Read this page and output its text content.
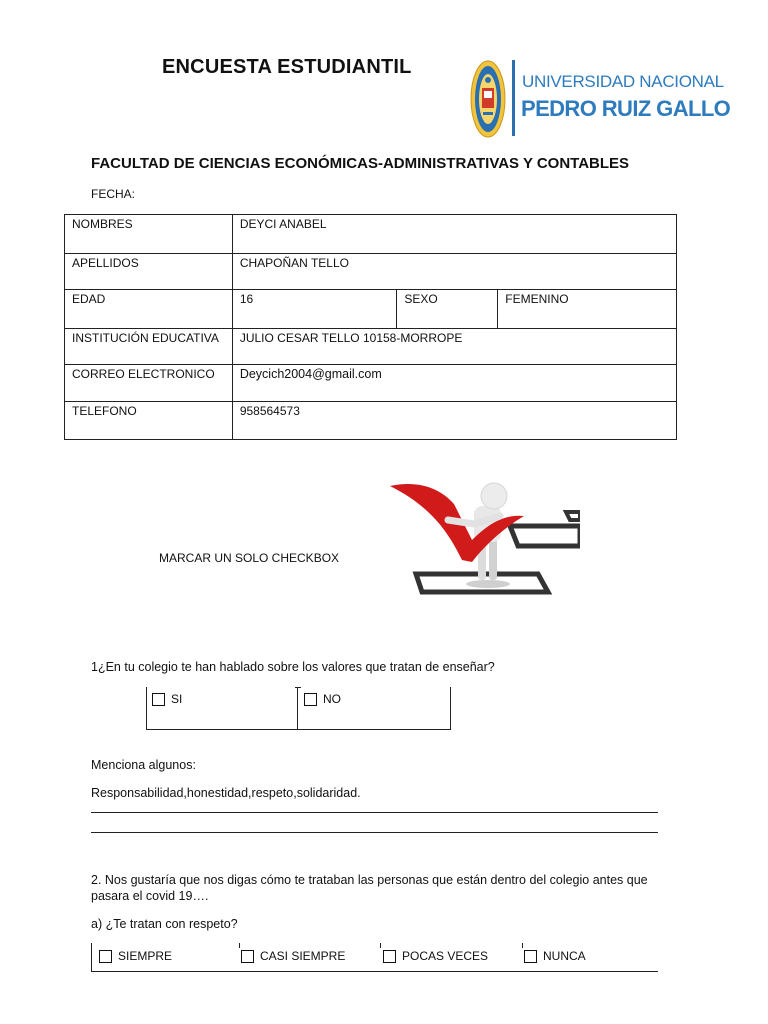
ENCUESTA ESTUDIANTIL
UNIVERSIDAD NACIONAL
PEDRO RUIZ GALLO
FACULTAD DE CIENCIAS ECONÓMICAS-ADMINISTRATIVAS Y CONTABLES
FECHA:
NOMBRES	DEYCI ANABEL		
APELLIDOS	CHAPOÑAN TELLO		
EDAD	16	SEXO	FEMENINO
INSTITUCIÓN EDUCATIVA	JULIO CESAR TELLO 10158-MORROPE		
CORREO ELECTRONICO	Deycich2004@gmail.com		
TELEFONO	958564573		
MARCAR UN SOLO CHECKBOX
1¿En tu colegio te han hablado sobre los valores que tratan de enseñar?
SI	NO
Menciona algunos:
Responsabilidad,honestidad,respeto,solidaridad.
2. Nos gustaría que nos digas cómo te trataban las personas que están dentro del colegio antes que pasara el covid 19….
a) ¿Te tratan con respeto?
SIEMPRE	CASI SIEMPRE	POCAS VECES	NUNCA
